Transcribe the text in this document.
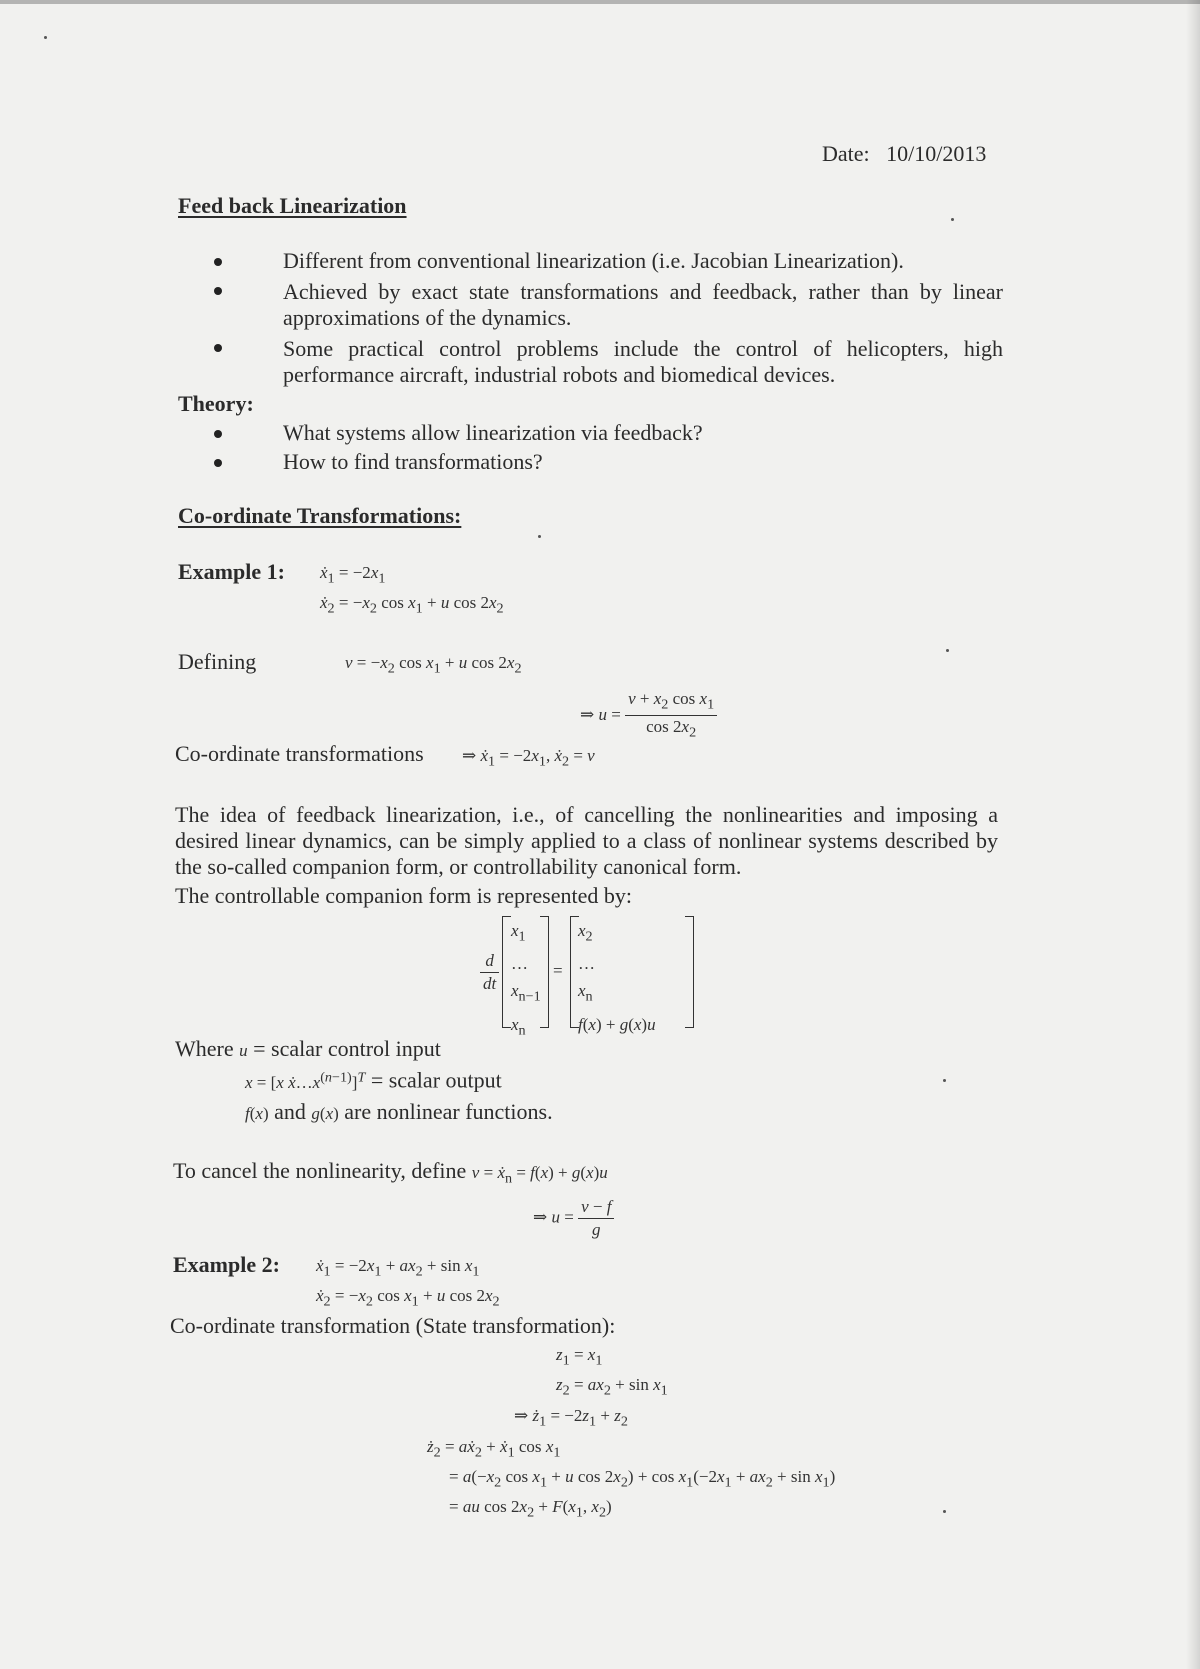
Date: 10/10/2013
Feed back Linearization
Different from conventional linearization (i.e. Jacobian Linearization).
Achieved by exact state transformations and feedback, rather than by linear approximations of the dynamics.
Some practical control problems include the control of helicopters, high performance aircraft, industrial robots and biomedical devices.
Theory:
What systems allow linearization via feedback?
How to find transformations?
Co-ordinate Transformations:
Example 1: ẋ$_1$ = $-2x_1$
ẋ$_2$ = $-x_2$ $\cos x_1 + u$ $\cos 2x_2$
Defining	$v = -x_2$ $\cos x_1 + u$ $\cos 2x_2$
⇒ $u = \frac{v + x_2 \cos x_1}{\cos 2x_2}$
Co-ordinate transformations ⇒ ẋ$_1$ = $-2x_1$, ẋ$_2$ = v
The idea of feedback linearization, i.e., of cancelling the nonlinearities and imposing a desired linear dynamics, can be simply applied to a class of nonlinear systems described by the so-called companion form, or controllability canonical form.
The controllable companion form is represented by:
$\frac{d}{dt}$
$x_1$
…
$x_{n-1}$
$x_n$
=
$x_2$
…
$x_n$
f(x) + g(x)u
Where u = scalar control input
x = [x $ẋ\dots x^{(n-1)}]^T$ = scalar output
f(x) and g(x) are nonlinear functions.
To cancel the nonlinearity, define v = ẋ$_n$ = f(x) + g(x)u
⇒ $u = \frac{v - f}{g}$
Example 2: ẋ$_1$ = $-2x_1 + ax_2 + \sin x_1$
ẋ$_2$ = $-x_2$ $\cos x_1 + u$ $\cos 2x_2$
Co-ordinate transformation (State transformation):
$z_1 = x_1$
$z_2 = ax_2 + \sin x_1$
⇒ $ż_1 = -2z_1 + z_2$
$ż_2$ = aẋ$_2$ + ẋ$_1$ $\cos x_1$
= $a(-x_2$ $\cos x_1 + u$ $\cos 2x_2) + \cos x_1(-2x_1 + ax_2 + \sin x_1)$
= au $\cos 2x_2 + F(x_1$, $x_2$)
